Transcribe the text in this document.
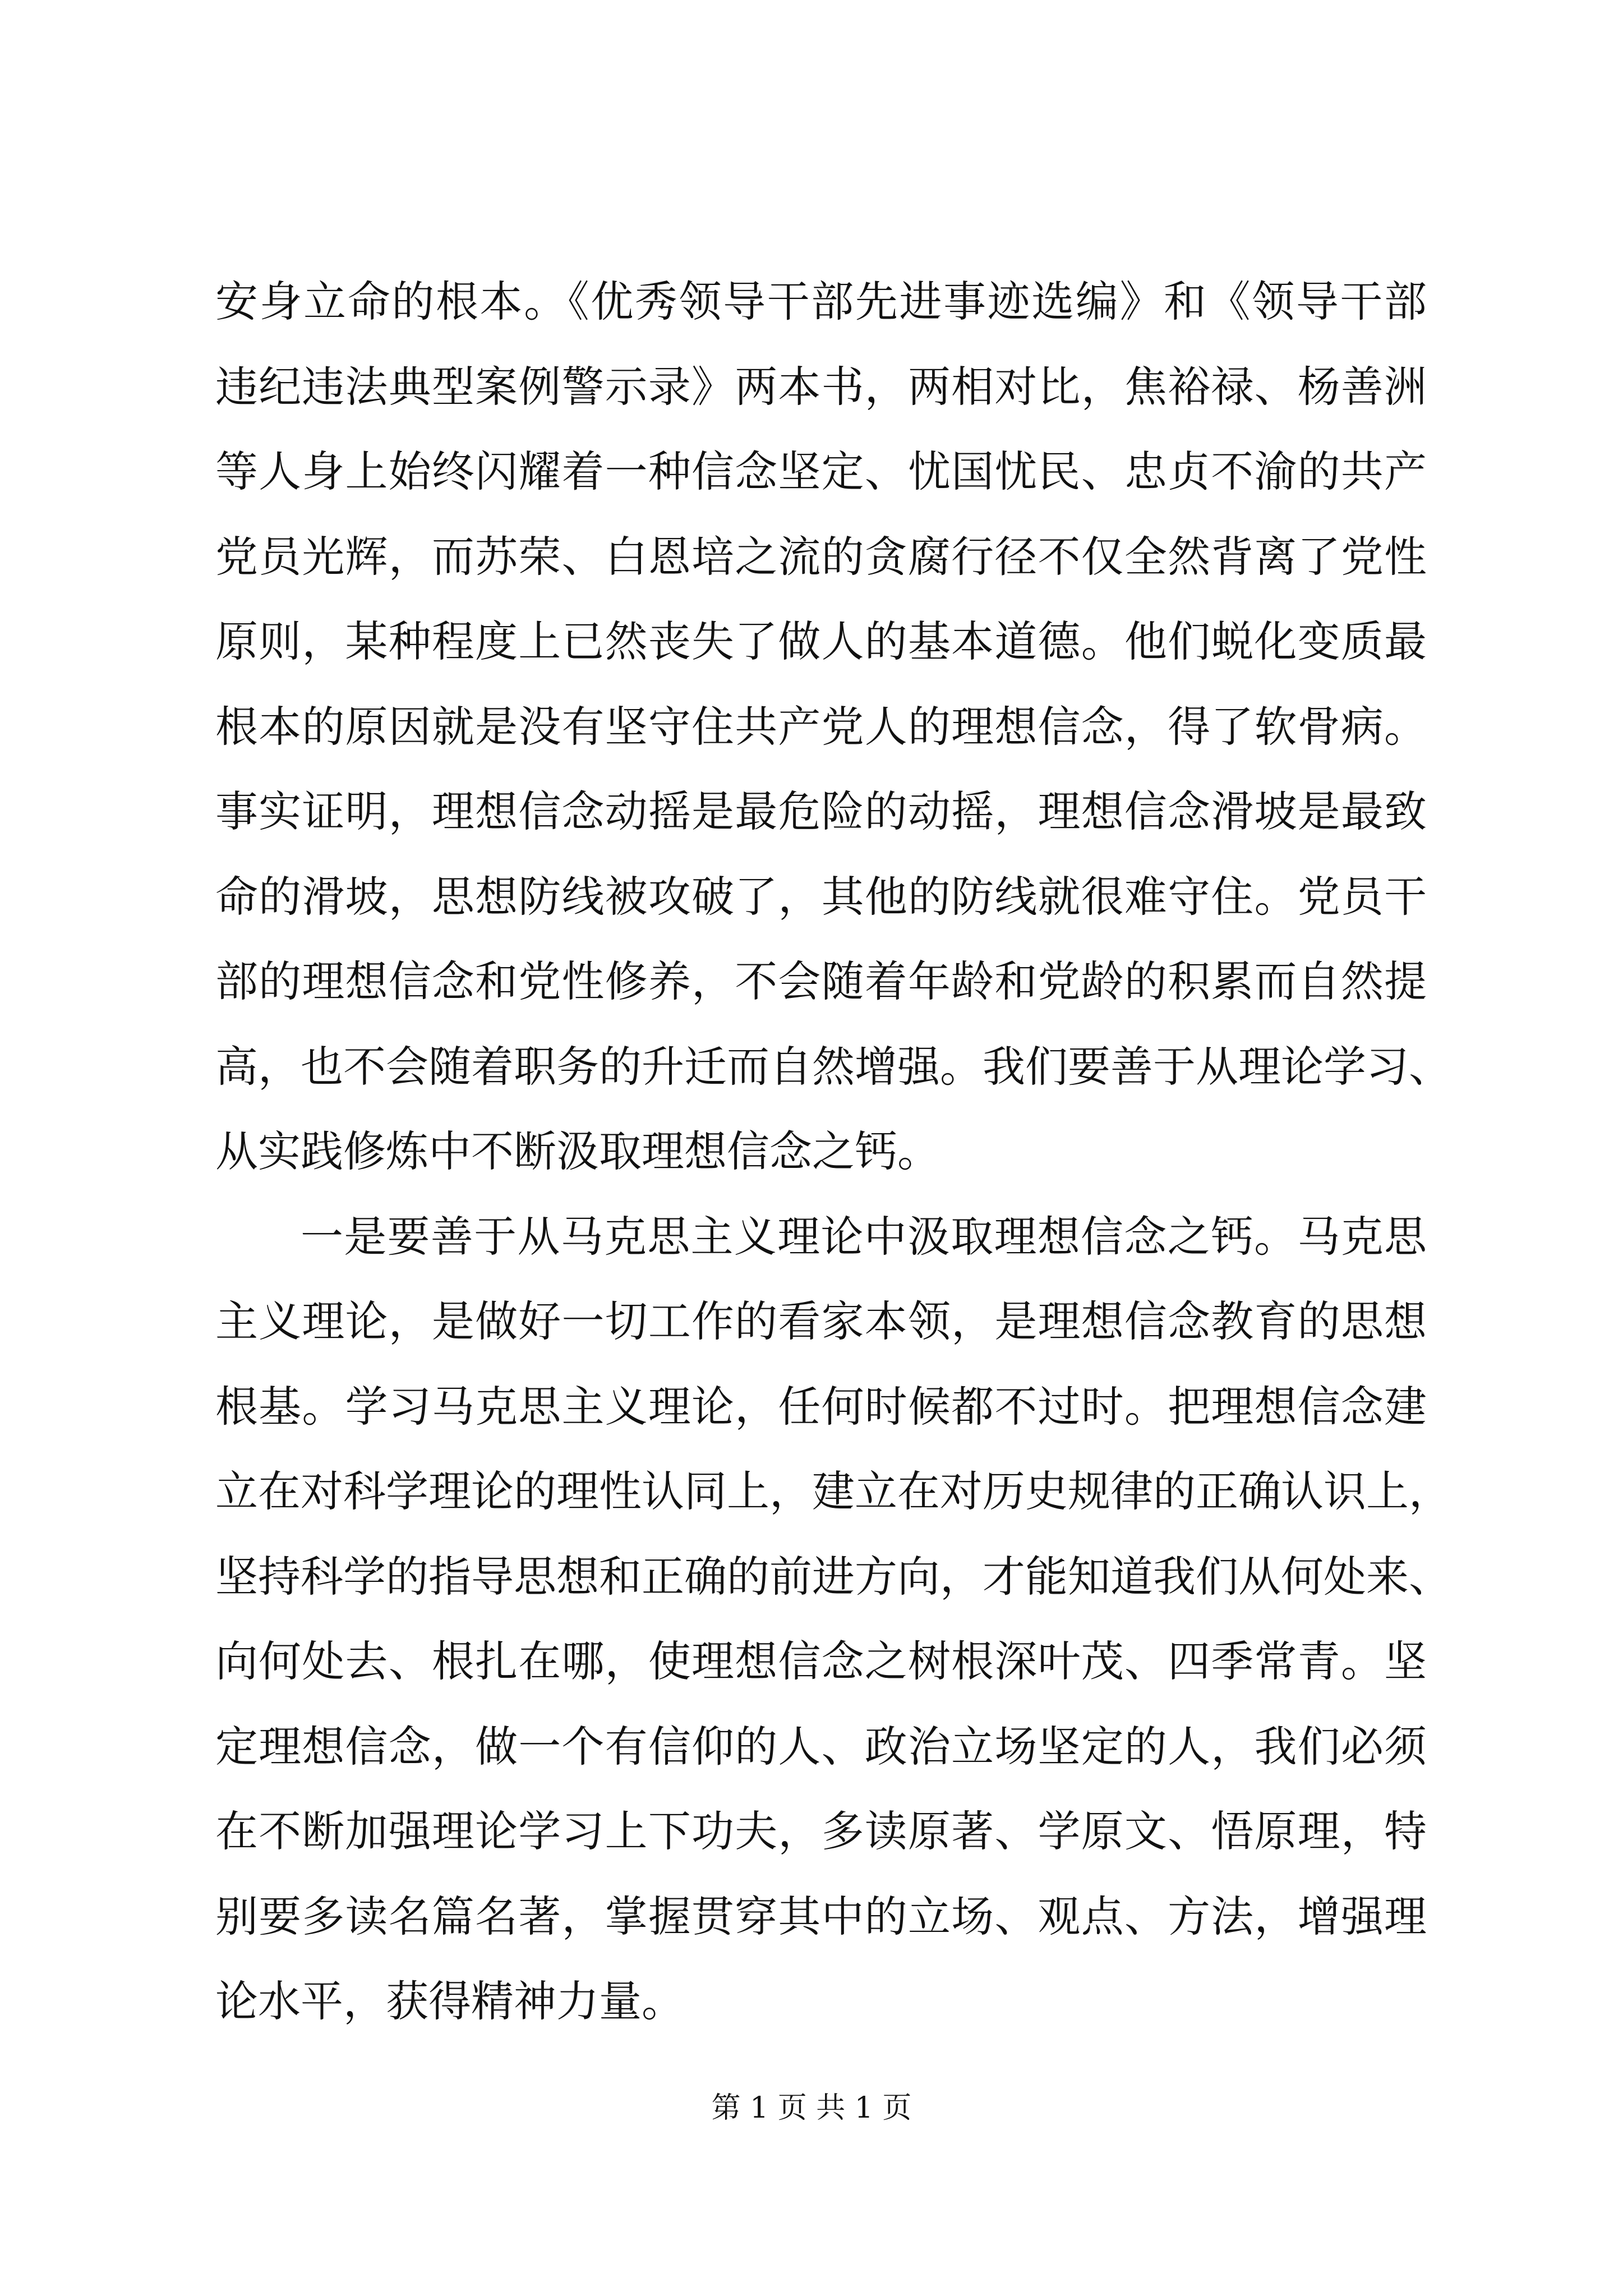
安身立命的根本。《优秀领导干部先进事迹选编》和《领导干部
违纪违法典型案例警示录》两本书，两相对比，焦裕禄、杨善洲
等人身上始终闪耀着一种信念坚定、忧国忧民、忠贞不渝的共产
党员光辉，而苏荣、白恩培之流的贪腐行径不仅全然背离了党性
原则，某种程度上已然丧失了做人的基本道德。他们蜕化变质最
根本的原因就是没有坚守住共产党人的理想信念，得了软骨病。
事实证明，理想信念动摇是最危险的动摇，理想信念滑坡是最致
命的滑坡，思想防线被攻破了，其他的防线就很难守住。党员干
部的理想信念和党性修养，不会随着年龄和党龄的积累而自然提
高，也不会随着职务的升迁而自然增强。我们要善于从理论学习、
从实践修炼中不断汲取理想信念之钙。
一是要善于从马克思主义理论中汲取理想信念之钙。马克思
主义理论，是做好一切工作的看家本领，是理想信念教育的思想
根基。学习马克思主义理论，任何时候都不过时。把理想信念建
立在对科学理论的理性认同上，建立在对历史规律的正确认识上，
坚持科学的指导思想和正确的前进方向，才能知道我们从何处来、
向何处去、根扎在哪，使理想信念之树根深叶茂、四季常青。坚
定理想信念，做一个有信仰的人、政治立场坚定的人，我们必须
在不断加强理论学习上下功夫，多读原著、学原文、悟原理，特
别要多读名篇名著，掌握贯穿其中的立场、观点、方法，增强理
论水平，获得精神力量。
第 1 页 共 1 页
